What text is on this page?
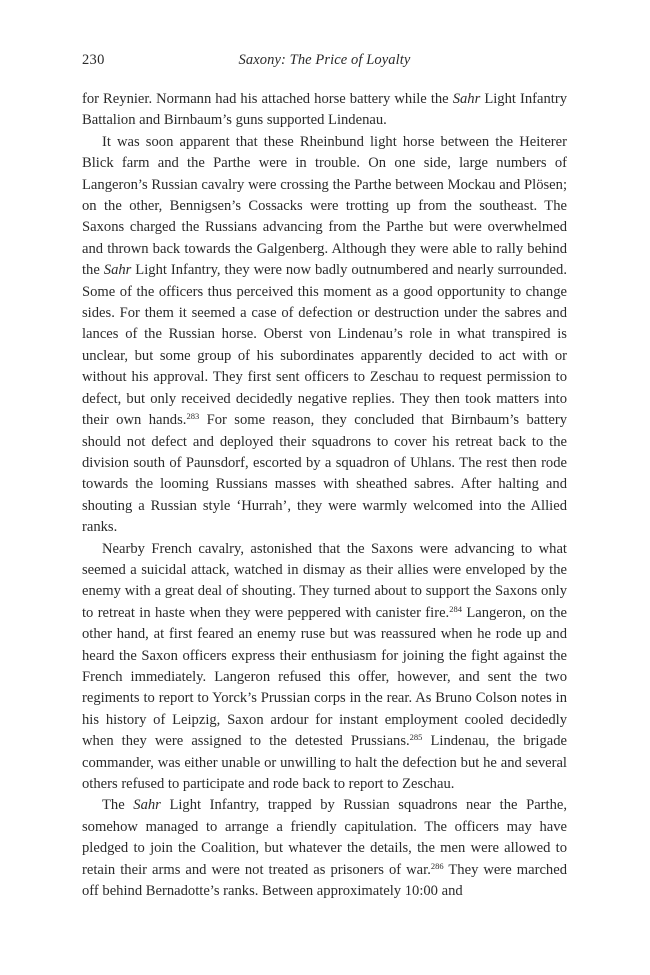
230	Saxony: The Price of Loyalty

for Reynier. Normann had his attached horse battery while the Sahr Light Infantry Battalion and Birnbaum’s guns supported Lindenau.

It was soon apparent that these Rheinbund light horse between the Heiterer Blick farm and the Parthe were in trouble. On one side, large numbers of Langeron’s Russian cavalry were crossing the Parthe between Mockau and Plösen; on the other, Bennigsen’s Cossacks were trotting up from the southeast. The Saxons charged the Russians advancing from the Parthe but were overwhelmed and thrown back towards the Galgenberg. Although they were able to rally behind the Sahr Light Infantry, they were now badly outnumbered and nearly surrounded. Some of the officers thus perceived this moment as a good opportunity to change sides. For them it seemed a case of defection or destruction under the sabres and lances of the Russian horse. Oberst von Lindenau’s role in what transpired is unclear, but some group of his subordinates apparently decided to act with or without his approval. They first sent officers to Zeschau to request permission to defect, but only received decidedly negative replies. They then took matters into their own hands.$^{283}$ For some reason, they concluded that Birnbaum’s battery should not defect and deployed their squadrons to cover his retreat back to the division south of Paunsdorf, escorted by a squadron of Uhlans. The rest then rode towards the looming Russians masses with sheathed sabres. After halting and shouting a Russian style ‘Hurrah’, they were warmly welcomed into the Allied ranks.

Nearby French cavalry, astonished that the Saxons were advancing to what seemed a suicidal attack, watched in dismay as their allies were enveloped by the enemy with a great deal of shouting. They turned about to support the Saxons only to retreat in haste when they were peppered with canister fire.$^{284}$ Langeron, on the other hand, at first feared an enemy ruse but was reassured when he rode up and heard the Saxon officers express their enthusiasm for joining the fight against the French immediately. Langeron refused this offer, however, and sent the two regiments to report to Yorck’s Prussian corps in the rear. As Bruno Colson notes in his history of Leipzig, Saxon ardour for instant employment cooled decidedly when they were assigned to the detested Prussians.$^{285}$ Lindenau, the brigade commander, was either unable or unwilling to halt the defection but he and several others refused to participate and rode back to report to Zeschau.

The Sahr Light Infantry, trapped by Russian squadrons near the Parthe, somehow managed to arrange a friendly capitulation. The officers may have pledged to join the Coalition, but whatever the details, the men were allowed to retain their arms and were not treated as prisoners of war.$^{286}$ They were marched off behind Bernadotte’s ranks. Between approximately 10:00 and
